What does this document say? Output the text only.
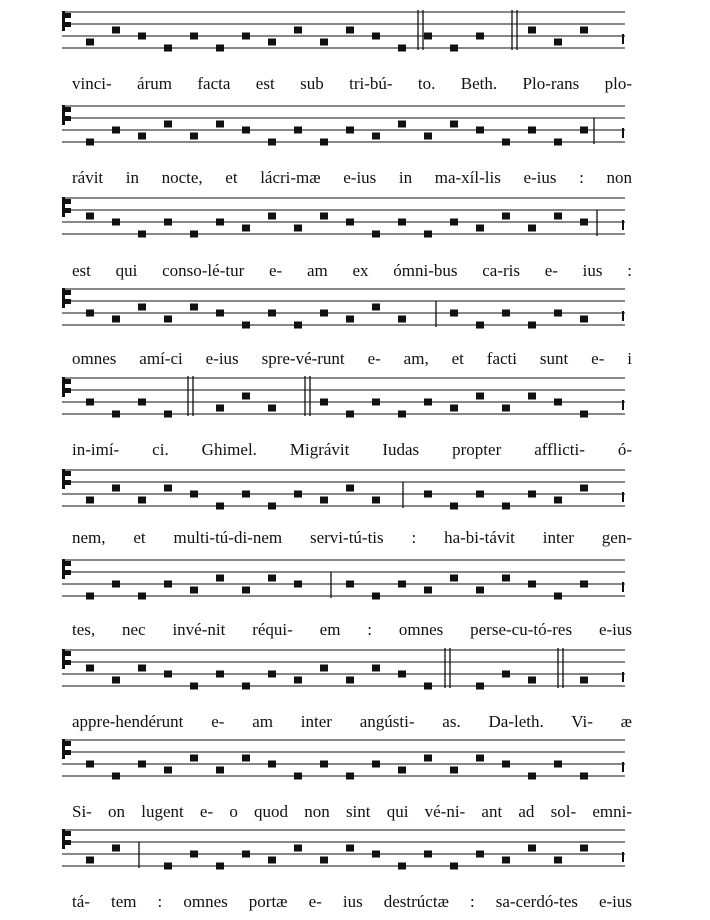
vinci- árum facta est sub tri-bú- to. Beth. Plo-rans plo-
rávit in nocte, et lácri-mæ e-ius in ma-xíl-lis e-ius : non
est qui conso-lé-tur e- am ex ómni-bus ca-ris e- ius :
omnes amí-ci e-ius spre-vé-runt e- am, et facti sunt e- i
in-imí- ci. Ghimel. Migrávit Iudas propter afflicti- ó-
nem, et multi-tú-di-nem servi-tú-tis : ha-bi-távit inter gen-
tes, nec invé-nit réqui- em : omnes perse-cu-tó-res e-ius
appre-hendérunt e- am inter angústi- as. Da-leth. Vi- æ
Si- on lugent e- o quod non sint qui vé-ni- ant ad sol- emni-
tá- tem : omnes portæ e- ius destrúctæ : sa-cerdó-tes e-ius
